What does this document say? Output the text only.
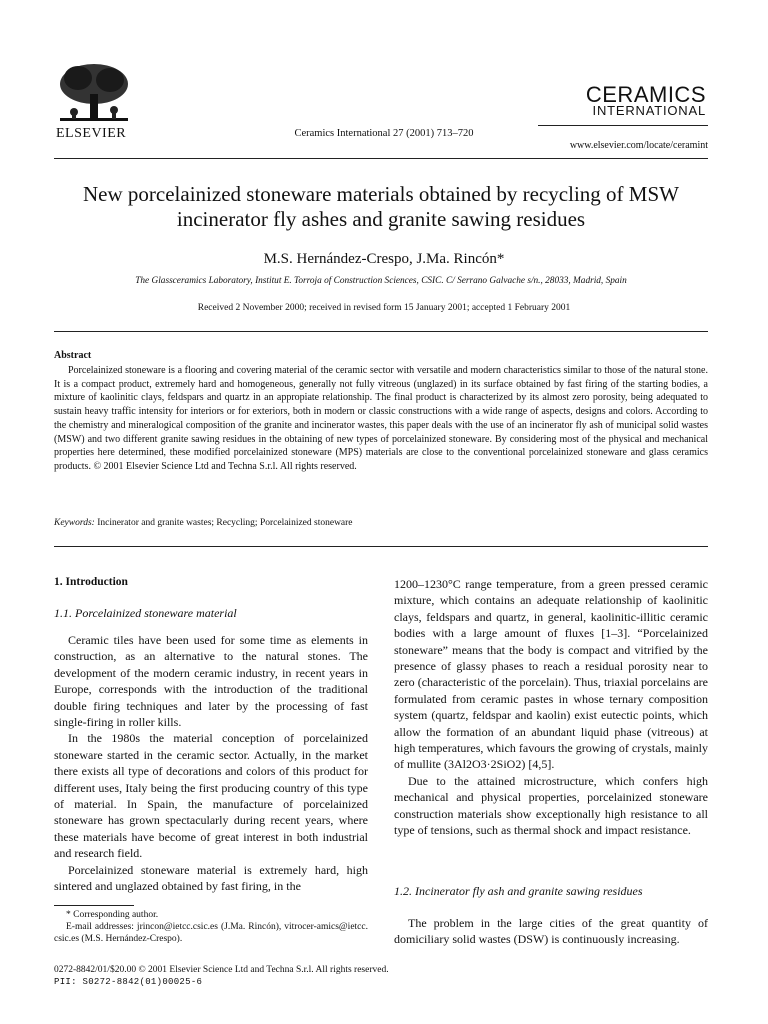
ELSEVIER	Ceramics International 27 (2001) 713–720
CERAMICS
INTERNATIONAL
www.elsevier.com/locate/ceramint
New porcelainized stoneware materials obtained by recycling of MSW incinerator fly ashes and granite sawing residues
M.S. Hernández-Crespo, J.Ma. Rincón*
The Glassceramics Laboratory, Institut E. Torroja of Construction Sciences, CSIC. C/ Serrano Galvache s/n., 28033, Madrid, Spain
Received 2 November 2000; received in revised form 15 January 2001; accepted 1 February 2001
Abstract
Porcelainized stoneware is a flooring and covering material of the ceramic sector with versatile and modern characteristics similar to those of the natural stone. It is a compact product, extremely hard and homogeneous, generally not fully vitreous (unglazed) in its surface obtained by fast firing of the starting bodies, a mixture of kaolinitic clays, feldspars and quartz in an appropiate relationship. The final product is characterized by its almost zero porosity, being adequated to sustain heavy traffic intensity for interiors or for exteriors, both in modern or classic constructions with a wide range of aspects, designs and colors. According to the chemistry and mineralogical composition of the granite and incinerator wastes, this paper deals with the use of an incinerator fly ash of municipal solid wastes (MSW) and two different granite sawing residues in the obtaining of new types of porcelainized stoneware. By considering most of the physical and mechanical properties here determined, these modified porcelainized stoneware (MPS) materials are close to the conventional porcelainized stoneware and glass ceramics products. © 2001 Elsevier Science Ltd and Techna S.r.l. All rights reserved.
Keywords: Incinerator and granite wastes; Recycling; Porcelainized stoneware
1. Introduction
1.1. Porcelainized stoneware material

Ceramic tiles have been used for some time as elements in construction, as an alternative to the natural stones. The development of the modern ceramic industry, in recent years in Europe, corresponds with the introduction of the traditional double firing techniques and later by the processing of fast single-firing in roller kills.

In the 1980s the material conception of porcelainized stoneware started in the ceramic sector. Actually, in the market there exists all type of decorations and colors of this product for different uses, Italy being the first producing country of this type of material. In Spain, the manufacture of porcelainized stoneware has grown spectacularly during recent years, where these materials have become of great interest in both industrial and research field.

Porcelainized stoneware material is extremely hard, high sintered and unglazed obtained by fast firing, in the

1200–1230°C range temperature, from a green pressed ceramic mixture, which contains an adequate relationship of kaolinitic clays, feldspars and quartz, in general, kaolinitic-illitic ceramic bodies with a large amount of fluxes [1–3]. “Porcelainized stoneware” means that the body is compact and vitrified by the presence of glassy phases to reach a residual porosity near to zero (characteristic of the porcelain). Thus, triaxial porcelains are formulated from ceramic pastes in whose ternary composition system (quartz, feldspar and kaolin) exist eutectic points, which allow the formation of an abundant liquid phase (vitreous) at high temperatures, which favours the growing of crystals, mainly of mullite (3Al2O3·2SiO2) [4,5].

Due to the attained microstructure, which confers high mechanical and physical properties, porcelainized stoneware construction materials show exceptionally high resistance to all type of tensions, such as thermal shock and impact resistance.

1.2. Incinerator fly ash and granite sawing residues

The problem in the large cities of the great quantity of domiciliary solid wastes (DSW) is continuously increasing.

* Corresponding author.
E-mail addresses: jrincon@ietcc.csic.es (J.Ma. Rincón), vitrocer-amics@ietcc. csic.es (M.S. Hernández-Crespo).
0272-8842/01/$20.00 © 2001 Elsevier Science Ltd and Techna S.r.l. All rights reserved.
PII: S0272-8842(01)00025-6
